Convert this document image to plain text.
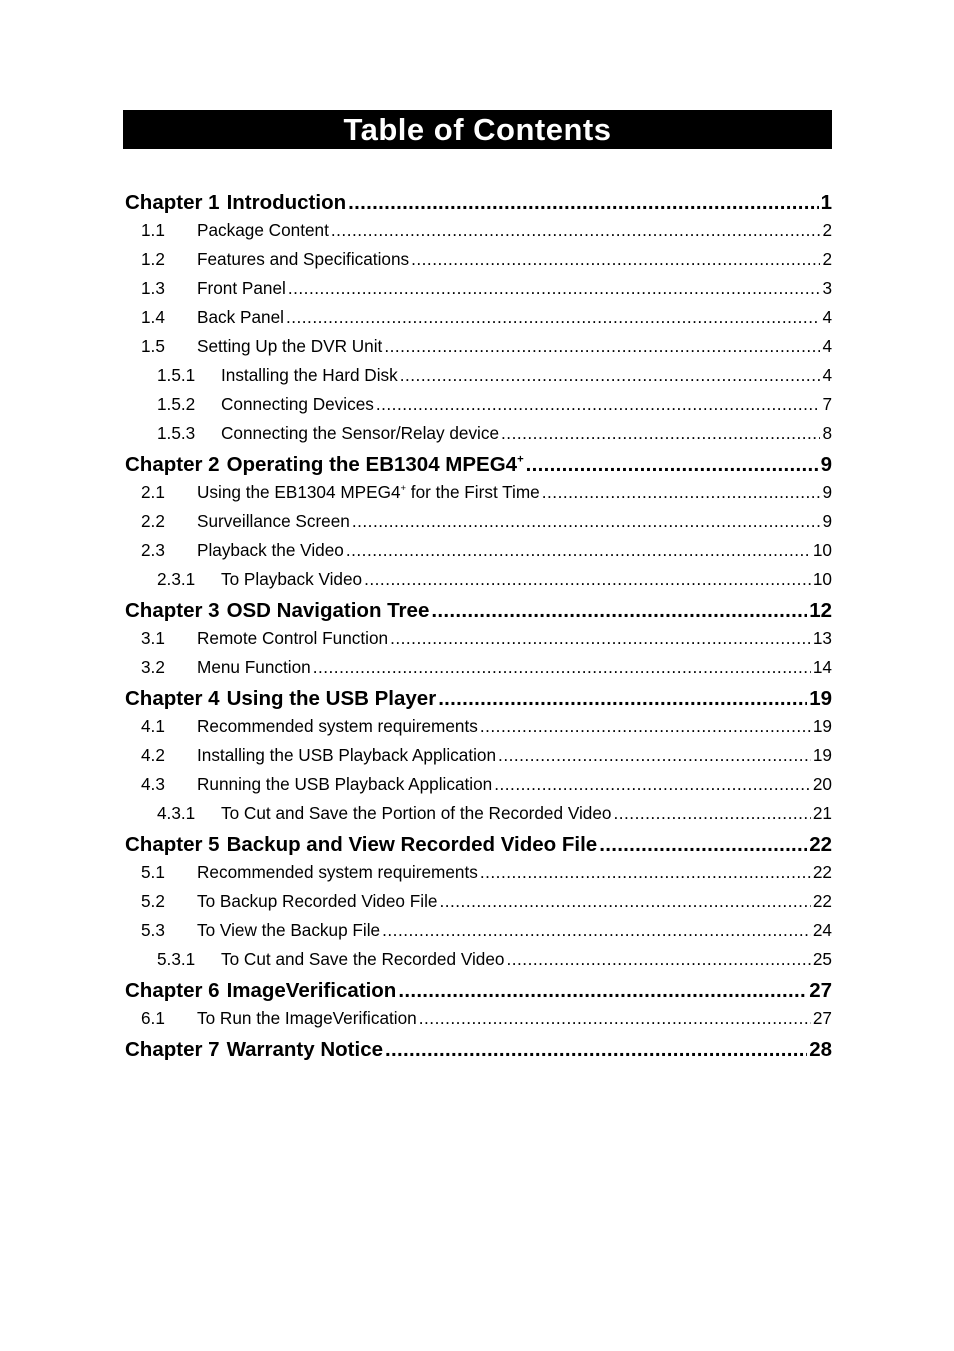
Table of Contents
Chapter 1 Introduction .....	1
1.1	Package Content .....	2
1.2	Features and Specifications .....	2
1.3	Front Panel .....	3
1.4	Back Panel .....	4
1.5	Setting Up the DVR Unit .....	4
1.5.1	Installing the Hard Disk .....	4
1.5.2	Connecting Devices .....	7
1.5.3	Connecting the Sensor/Relay device .....	8
Chapter 2 Operating the EB1304 MPEG4+ .....	9
2.1	Using the EB1304 MPEG4+ for the First Time .....	9
2.2	Surveillance Screen .....	9
2.3	Playback the Video .....	10
2.3.1	To Playback Video .....	10
Chapter 3 OSD Navigation Tree .....	12
3.1	Remote Control Function .....	13
3.2	Menu Function .....	14
Chapter 4 Using the USB Player .....	19
4.1	Recommended system requirements .....	19
4.2	Installing the USB Playback Application .....	19
4.3	Running the USB Playback Application .....	20
4.3.1	To Cut and Save the Portion of the Recorded Video .....	21
Chapter 5 Backup and View Recorded Video File .....	22
5.1	Recommended system requirements .....	22
5.2	To Backup Recorded Video File .....	22
5.3	To View the Backup File .....	24
5.3.1	To Cut and Save the Recorded Video .....	25
Chapter 6 ImageVerification .....	27
6.1	To Run the ImageVerification .....	27
Chapter 7 Warranty Notice .....	28
